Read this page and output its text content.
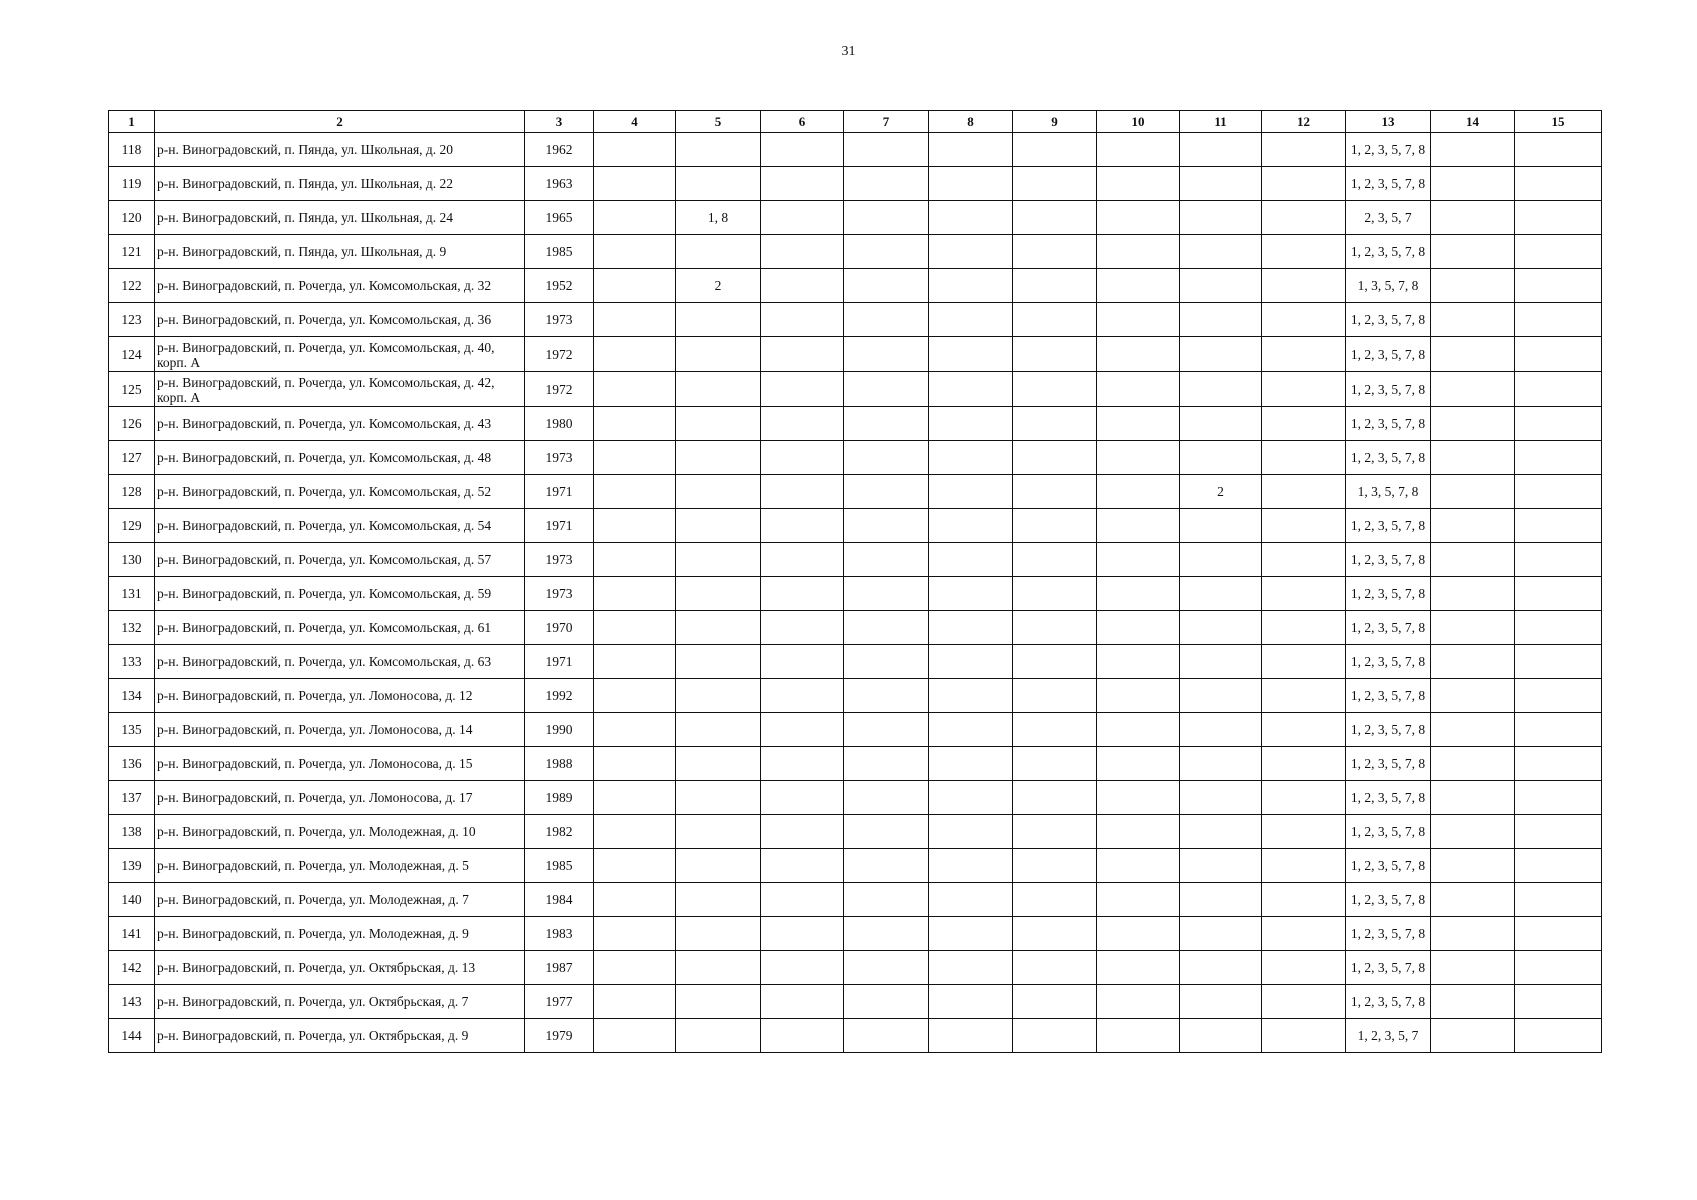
31
1	2	3	4	5	6	7	8	9	10	11	12	13	14	15
118	р-н. Виноградовский, п. Пянда, ул. Школьная, д. 20	1962										1, 2, 3, 5, 7, 8		
119	р-н. Виноградовский, п. Пянда, ул. Школьная, д. 22	1963										1, 2, 3, 5, 7, 8		
120	р-н. Виноградовский, п. Пянда, ул. Школьная, д. 24	1965		1, 8								2, 3, 5, 7		
121	р-н. Виноградовский, п. Пянда, ул. Школьная, д. 9	1985										1, 2, 3, 5, 7, 8		
122	р-н. Виноградовский, п. Рочегда, ул. Комсомольская, д. 32	1952		2								1, 3, 5, 7, 8		
123	р-н. Виноградовский, п. Рочегда, ул. Комсомольская, д. 36	1973										1, 2, 3, 5, 7, 8		
124	р-н. Виноградовский, п. Рочегда, ул. Комсомольская, д. 40, корп. А	1972										1, 2, 3, 5, 7, 8		
125	р-н. Виноградовский, п. Рочегда, ул. Комсомольская, д. 42, корп. А	1972										1, 2, 3, 5, 7, 8		
126	р-н. Виноградовский, п. Рочегда, ул. Комсомольская, д. 43	1980										1, 2, 3, 5, 7, 8		
127	р-н. Виноградовский, п. Рочегда, ул. Комсомольская, д. 48	1973										1, 2, 3, 5, 7, 8		
128	р-н. Виноградовский, п. Рочегда, ул. Комсомольская, д. 52	1971								2		1, 3, 5, 7, 8		
129	р-н. Виноградовский, п. Рочегда, ул. Комсомольская, д. 54	1971										1, 2, 3, 5, 7, 8		
130	р-н. Виноградовский, п. Рочегда, ул. Комсомольская, д. 57	1973										1, 2, 3, 5, 7, 8		
131	р-н. Виноградовский, п. Рочегда, ул. Комсомольская, д. 59	1973										1, 2, 3, 5, 7, 8		
132	р-н. Виноградовский, п. Рочегда, ул. Комсомольская, д. 61	1970										1, 2, 3, 5, 7, 8		
133	р-н. Виноградовский, п. Рочегда, ул. Комсомольская, д. 63	1971										1, 2, 3, 5, 7, 8		
134	р-н. Виноградовский, п. Рочегда, ул. Ломоносова, д. 12	1992										1, 2, 3, 5, 7, 8		
135	р-н. Виноградовский, п. Рочегда, ул. Ломоносова, д. 14	1990										1, 2, 3, 5, 7, 8		
136	р-н. Виноградовский, п. Рочегда, ул. Ломоносова, д. 15	1988										1, 2, 3, 5, 7, 8		
137	р-н. Виноградовский, п. Рочегда, ул. Ломоносова, д. 17	1989										1, 2, 3, 5, 7, 8		
138	р-н. Виноградовский, п. Рочегда, ул. Молодежная, д. 10	1982										1, 2, 3, 5, 7, 8		
139	р-н. Виноградовский, п. Рочегда, ул. Молодежная, д. 5	1985										1, 2, 3, 5, 7, 8		
140	р-н. Виноградовский, п. Рочегда, ул. Молодежная, д. 7	1984										1, 2, 3, 5, 7, 8		
141	р-н. Виноградовский, п. Рочегда, ул. Молодежная, д. 9	1983										1, 2, 3, 5, 7, 8		
142	р-н. Виноградовский, п. Рочегда, ул. Октябрьская, д. 13	1987										1, 2, 3, 5, 7, 8		
143	р-н. Виноградовский, п. Рочегда, ул. Октябрьская, д. 7	1977										1, 2, 3, 5, 7, 8		
144	р-н. Виноградовский, п. Рочегда, ул. Октябрьская, д. 9	1979										1, 2, 3, 5, 7		
